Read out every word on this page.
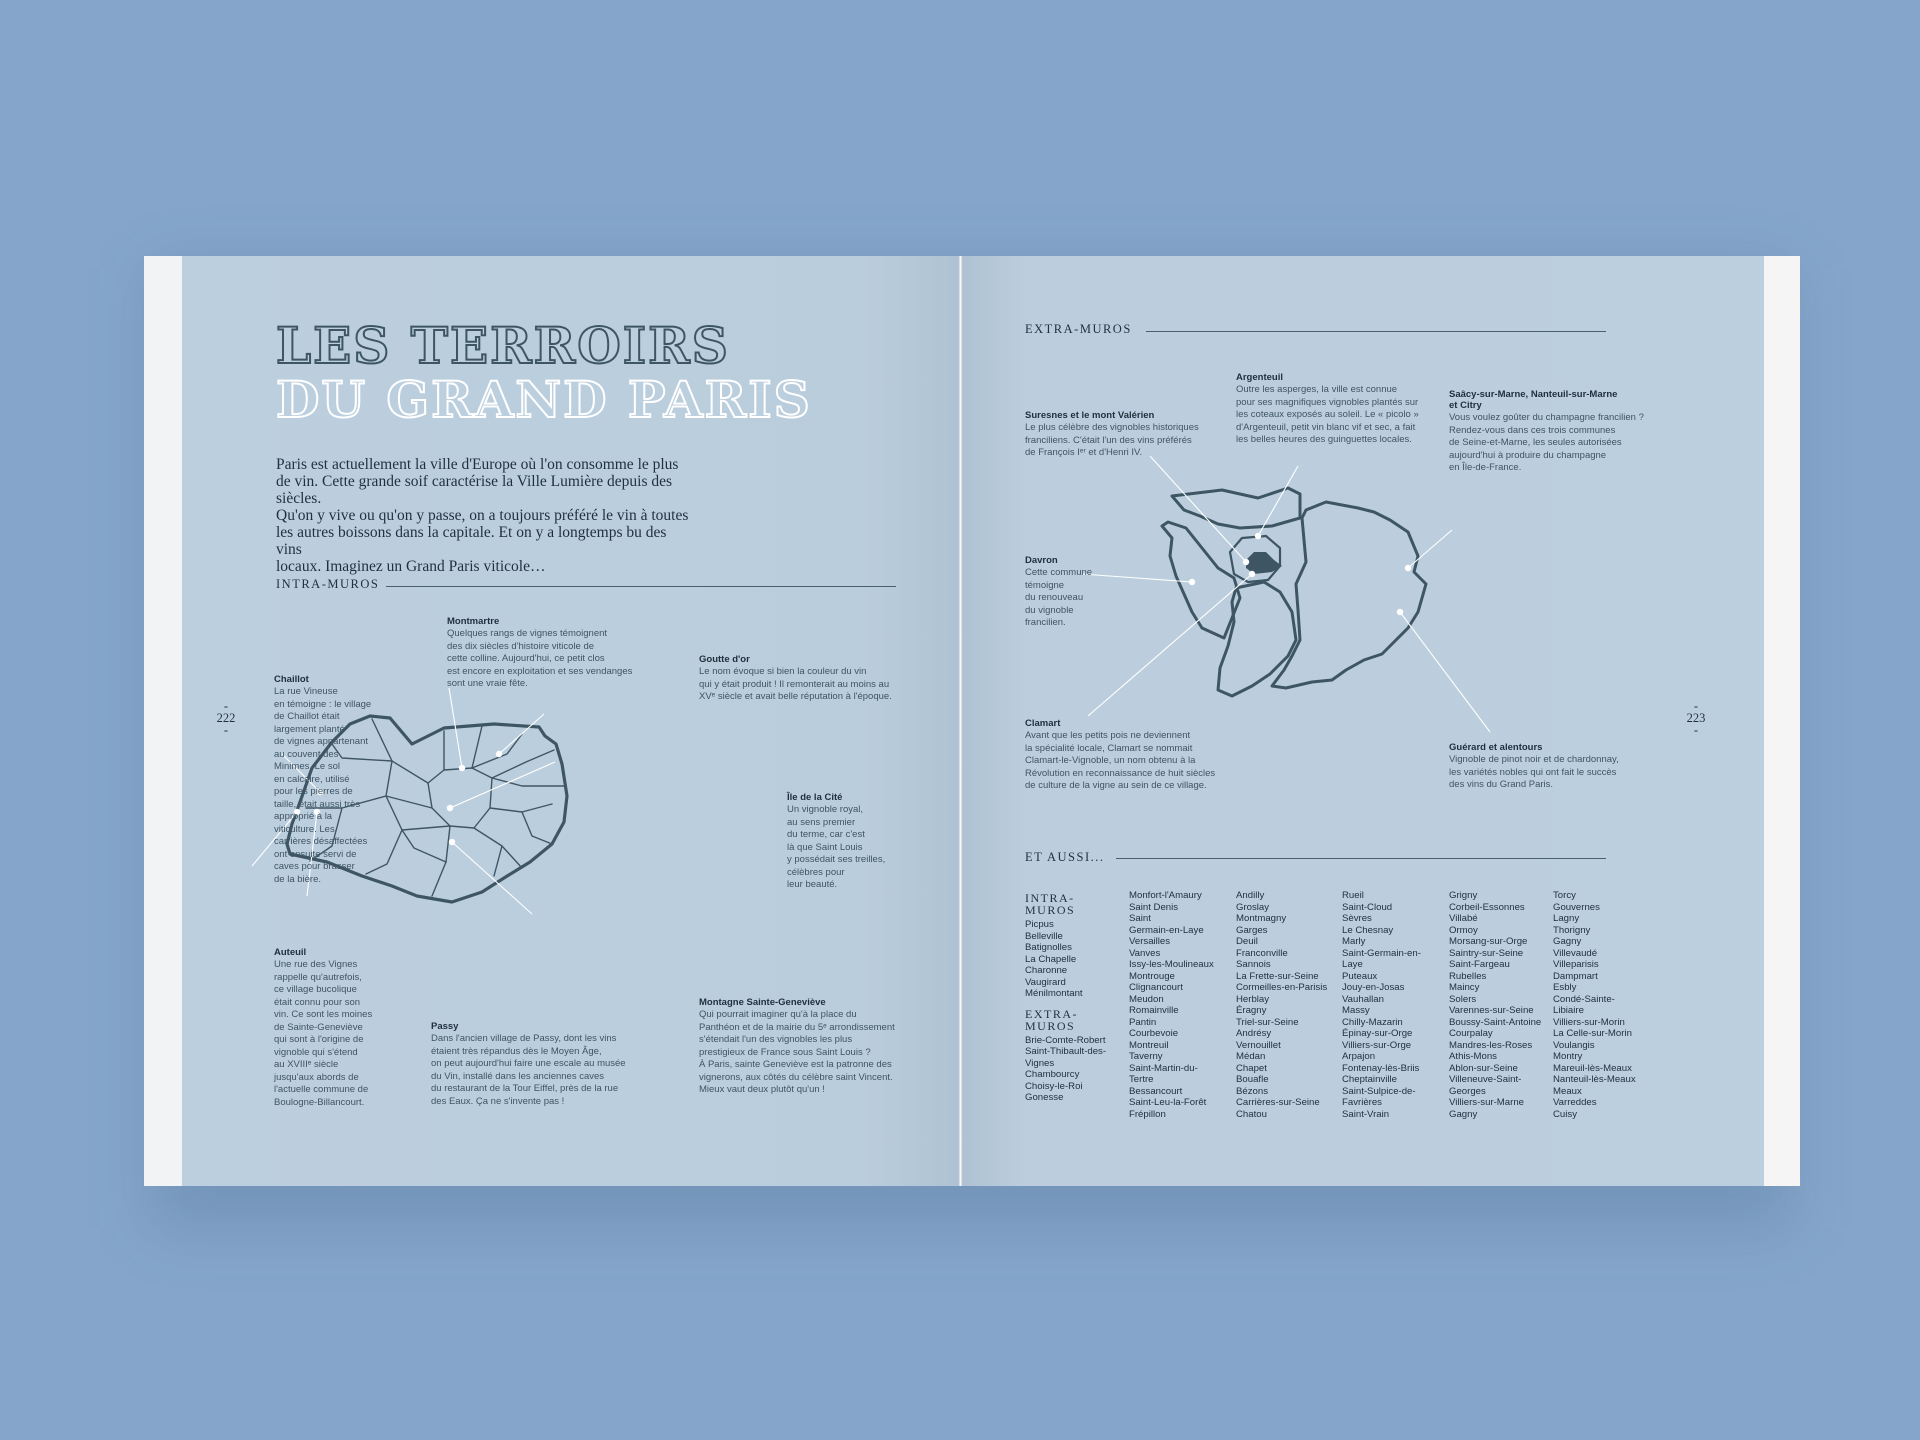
LES TERROIRS
DU GRAND PARIS
Paris est actuellement la ville d'Europe où l'on consomme le plus
de vin. Cette grande soif caractérise la Ville Lumière depuis des siècles.
Qu'on y vive ou qu'on y passe, on a toujours préféré le vin à toutes
les autres boissons dans la capitale. Et on y a longtemps bu des vins
locaux. Imaginez un Grand Paris viticole…
INTRA-MUROS
-
222
-
Montmartre

Quelques rangs de vignes témoignent
des dix siècles d'histoire viticole de
cette colline. Aujourd'hui, ce petit clos
est encore en exploitation et ses vendanges
sont une vraie fête.

Goutte d'or

Le nom évoque si bien la couleur du vin
qui y était produit ! Il remonterait au moins au
XVᵉ siècle et avait belle réputation à l'époque.

Chaillot

La rue Vineuse
en témoigne : le village
de Chaillot était
largement planté
de vignes appartenant
au couvent des
Minimes. Le sol
en calcaire, utilisé
pour les pierres de
taille, était aussi très
approprié à la
viticulture. Les
carrières désaffectées
ont ensuite servi de
caves pour brasser
de la bière.

Île de la Cité

Un vignoble royal,
au sens premier
du terme, car c'est
là que Saint Louis
y possédait ses treilles,
célèbres pour
leur beauté.

Auteuil

Une rue des Vignes
rappelle qu'autrefois,
ce village bucolique
était connu pour son
vin. Ce sont les moines
de Sainte-Geneviève
qui sont à l'origine de
vignoble qui s'étend
au XVIIIᵉ siècle
jusqu'aux abords de
l'actuelle commune de
Boulogne-Billancourt.

Passy

Dans l'ancien village de Passy, dont les vins
étaient très répandus dès le Moyen Âge,
on peut aujourd'hui faire une escale au musée
du Vin, installé dans les anciennes caves
du restaurant de la Tour Eiffel, près de la rue
des Eaux. Ça ne s'invente pas !

Montagne Sainte-Geneviève

Qui pourrait imaginer qu'à la place du
Panthéon et de la mairie du 5ᵉ arrondissement
s'étendait l'un des vignobles les plus
prestigieux de France sous Saint Louis ?
À Paris, sainte Geneviève est la patronne des
vignerons, aux côtés du célèbre saint Vincent.
Mieux vaut deux plutôt qu'un !

EXTRA-MUROS
-
223
-
Argenteuil

Outre les asperges, la ville est connue
pour ses magnifiques vignobles plantés sur
les coteaux exposés au soleil. Le « picolo »
d'Argenteuil, petit vin blanc vif et sec, a fait
les belles heures des guinguettes locales.

Saâcy-sur-Marne, Nanteuil-sur-Marne
et Citry

Vous voulez goûter du champagne francilien ?
Rendez-vous dans ces trois communes
de Seine-et-Marne, les seules autorisées
aujourd'hui à produire du champagne
en Île-de-France.

Suresnes et le mont Valérien

Le plus célèbre des vignobles historiques
franciliens. C'était l'un des vins préférés
de François Iᵉʳ et d'Henri IV.

Davron

Cette commune
témoigne
du renouveau
du vignoble
francilien.

Clamart

Avant que les petits pois ne deviennent
la spécialité locale, Clamart se nommait
Clamart-le-Vignoble, un nom obtenu à la
Révolution en reconnaissance de huit siècles
de culture de la vigne au sein de ce village.

Guérard et alentours

Vignoble de pinot noir et de chardonnay,
les variétés nobles qui ont fait le succès
des vins du Grand Paris.

ET AUSSI...
INTRA-
MUROS
Picpus
Belleville
Batignolles
La Chapelle
Charonne
Vaugirard
Ménilmontant
EXTRA-
MUROS
Brie-Comte-Robert
Saint-Thibault-des-
Vignes
Chambourcy
Choisy-le-Roi
Gonesse
Monfort-l'Amaury
Saint Denis
Saint
Germain-en-Laye
Versailles
Vanves
Issy-les-Moulineaux
Montrouge
Clignancourt
Meudon
Romainville
Pantin
Courbevoie
Montreuil
Taverny
Saint-Martin-du-
Tertre
Bessancourt
Saint-Leu-la-Forêt
Frépillon
Andilly
Groslay
Montmagny
Garges
Deuil
Franconville
Sannois
La Frette-sur-Seine
Cormeilles-en-Parisis
Herblay
Éragny
Triel-sur-Seine
Andrésy
Vernouillet
Médan
Chapet
Bouafle
Bézons
Carrières-sur-Seine
Chatou
Rueil
Saint-Cloud
Sèvres
Le Chesnay
Marly
Saint-Germain-en-
Laye
Puteaux
Jouy-en-Josas
Vauhallan
Massy
Chilly-Mazarin
Épinay-sur-Orge
Villiers-sur-Orge
Arpajon
Fontenay-lès-Briis
Cheptainville
Saint-Sulpice-de-
Favrières
Saint-Vrain
Grigny
Corbeil-Essonnes
Villabé
Ormoy
Morsang-sur-Orge
Saintry-sur-Seine
Saint-Fargeau
Rubelles
Maincy
Solers
Varennes-sur-Seine
Boussy-Saint-Antoine
Courpalay
Mandres-les-Roses
Athis-Mons
Ablon-sur-Seine
Villeneuve-Saint-
Georges
Villiers-sur-Marne
Gagny
Torcy
Gouvernes
Lagny
Thorigny
Gagny
Villevaudé
Villeparisis
Dampmart
Esbly
Condé-Sainte-
Libiaire
Villiers-sur-Morin
La Celle-sur-Morin
Voulangis
Montry
Mareuil-lès-Meaux
Nanteuil-lès-Meaux
Meaux
Varreddes
Cuisy
